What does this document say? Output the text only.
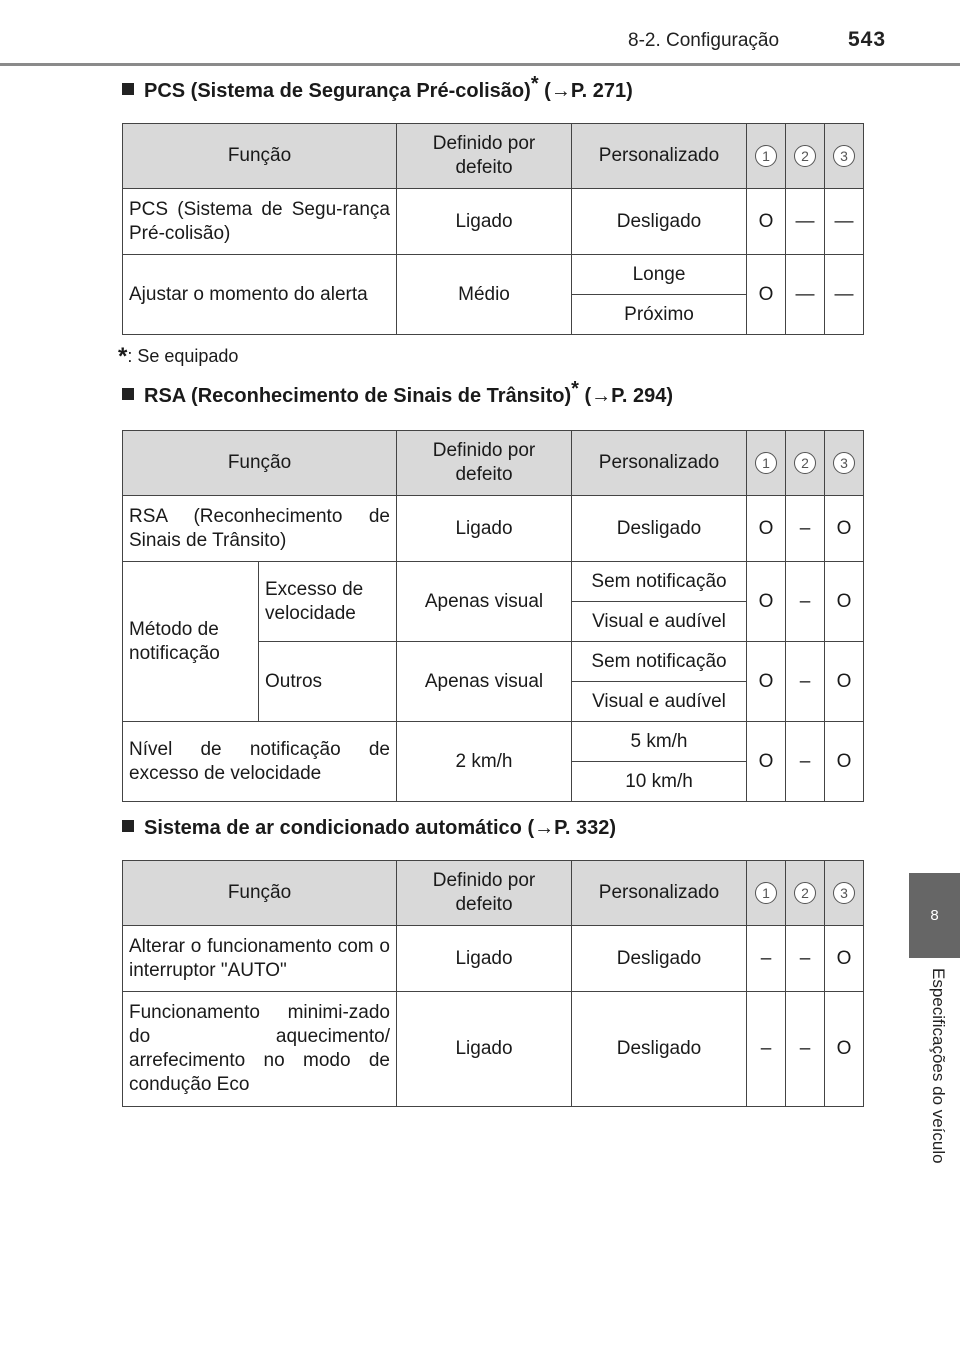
8-2. Configuração	543
8
Especificações do veículo
PCS (Sistema de Segurança Pré-colisão)* (→P. 271)
Função	Definido por defeito	Personalizado	1	2	3
PCS (Sistema de Segu-rança Pré-colisão)	Ligado	Desligado	O	—	—
Ajustar o momento do alerta	Médio	Longe	O	—	—
		Próximo			
*: Se equipado
RSA (Reconhecimento de Sinais de Trânsito)* (→P. 294)
Função		Definido por defeito	Personalizado	1	2	3
RSA (Reconhecimento de Sinais de Trânsito)		Ligado	Desligado	O	–	O
Método de notificação	Excesso de velocidade	Apenas visual	Sem notificação	O	–	O
			Visual e audível			
	Outros	Apenas visual	Sem notificação	O	–	O
			Visual e audível			
Nível de notificação de excesso de velocidade		2 km/h	5 km/h	O	–	O
			10 km/h			
Sistema de ar condicionado automático (→P. 332)
Função	Definido por defeito	Personalizado	1	2	3
Alterar o funcionamento com o interruptor "AUTO"	Ligado	Desligado	–	–	O
Funcionamento minimi-zado do aquecimento/ arrefecimento no modo de condução Eco	Ligado	Desligado	–	–	O
